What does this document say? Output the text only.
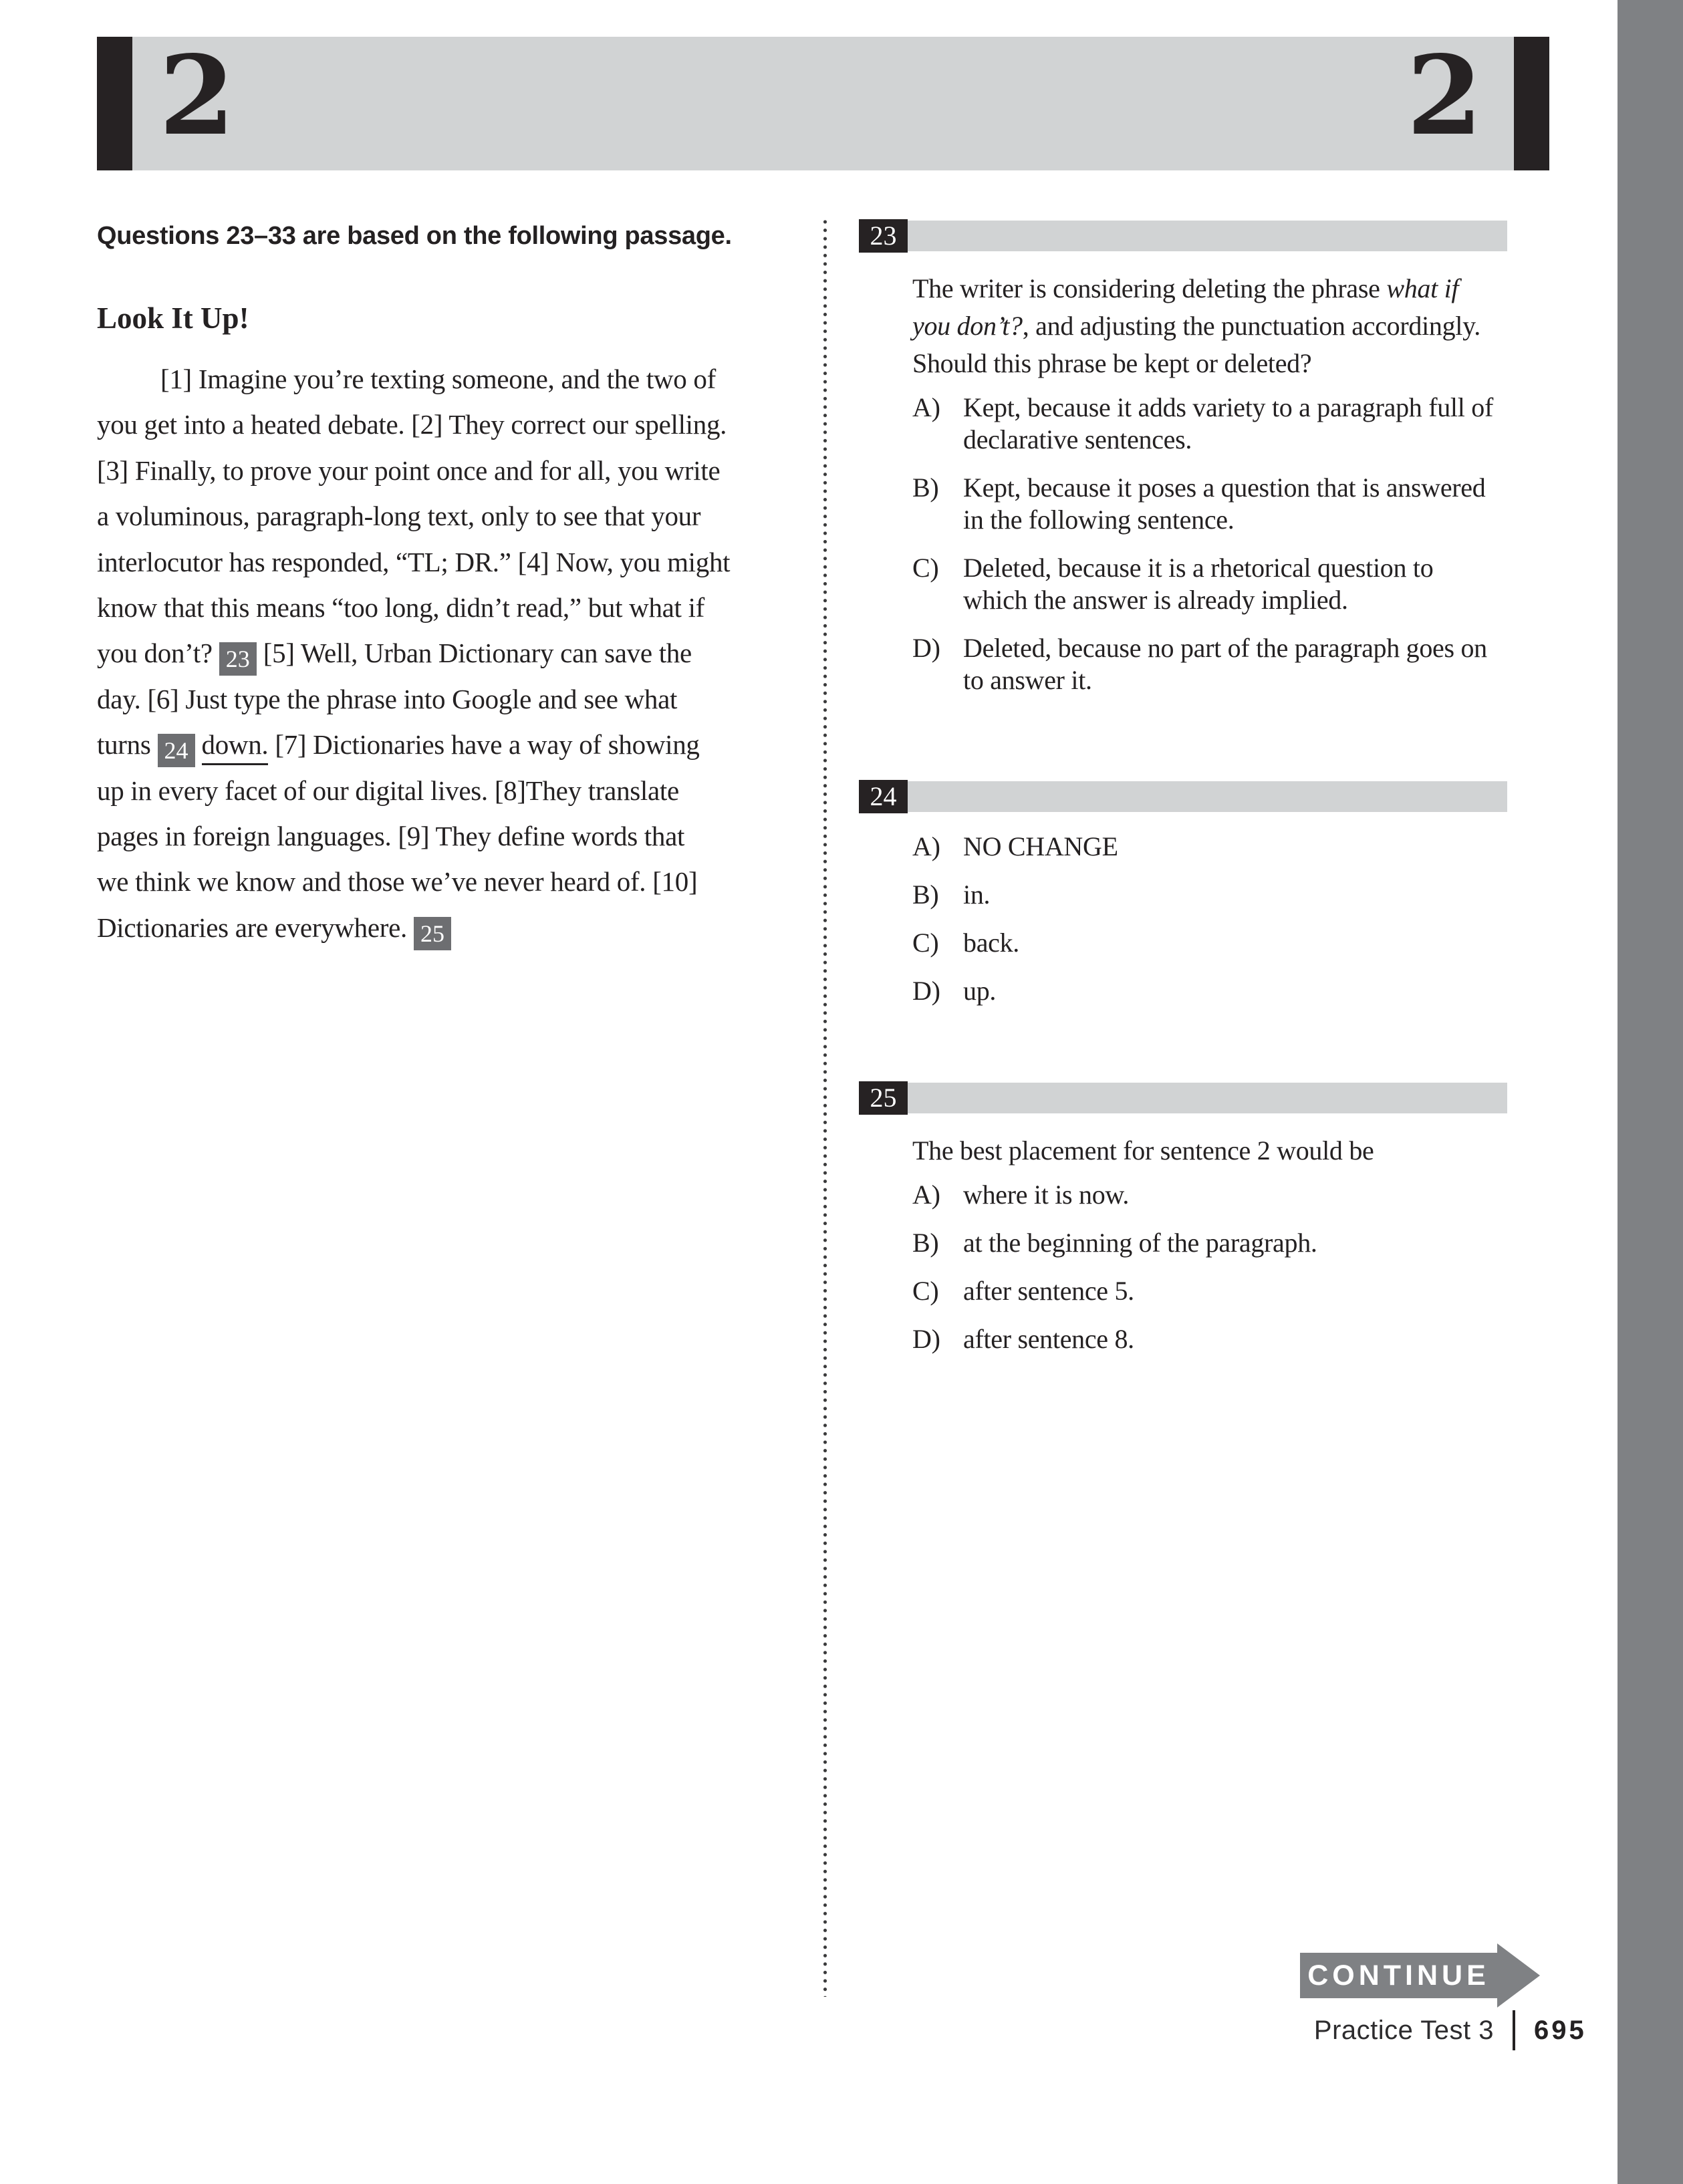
2	2
Questions 23–33 are based on the following passage.
Look It Up!
[1] Imagine you’re texting someone, and the two of
you get into a heated debate. [2] They correct our spelling.
[3] Finally, to prove your point once and for all, you write
a voluminous, paragraph-long text, only to see that your
interlocutor has responded, “TL; DR.” [4] Now, you might
know that this means “too long, didn’t read,” but what if
you don’t? 23 [5] Well, Urban Dictionary can save the
day. [6] Just type the phrase into Google and see what
turns 24 down. [7] Dictionaries have a way of showing
up in every facet of our digital lives. [8]They translate
pages in foreign languages. [9] They define words that
we think we know and those we’ve never heard of. [10]
Dictionaries are everywhere. 25
23
The writer is considering deleting the phrase what if
you don’t?, and adjusting the punctuation accordingly.
Should this phrase be kept or deleted?
A) Kept, because it adds variety to a paragraph full of
declarative sentences.
B) Kept, because it poses a question that is answered
in the following sentence.
C) Deleted, because it is a rhetorical question to
which the answer is already implied.
D) Deleted, because no part of the paragraph goes on
to answer it.
24
A) NO CHANGE
B) in.
C) back.
D) up.
25
The best placement for sentence 2 would be
A) where it is now.
B) at the beginning of the paragraph.
C) after sentence 5.
D) after sentence 8.
CONTINUE
Practice Test 3 695
